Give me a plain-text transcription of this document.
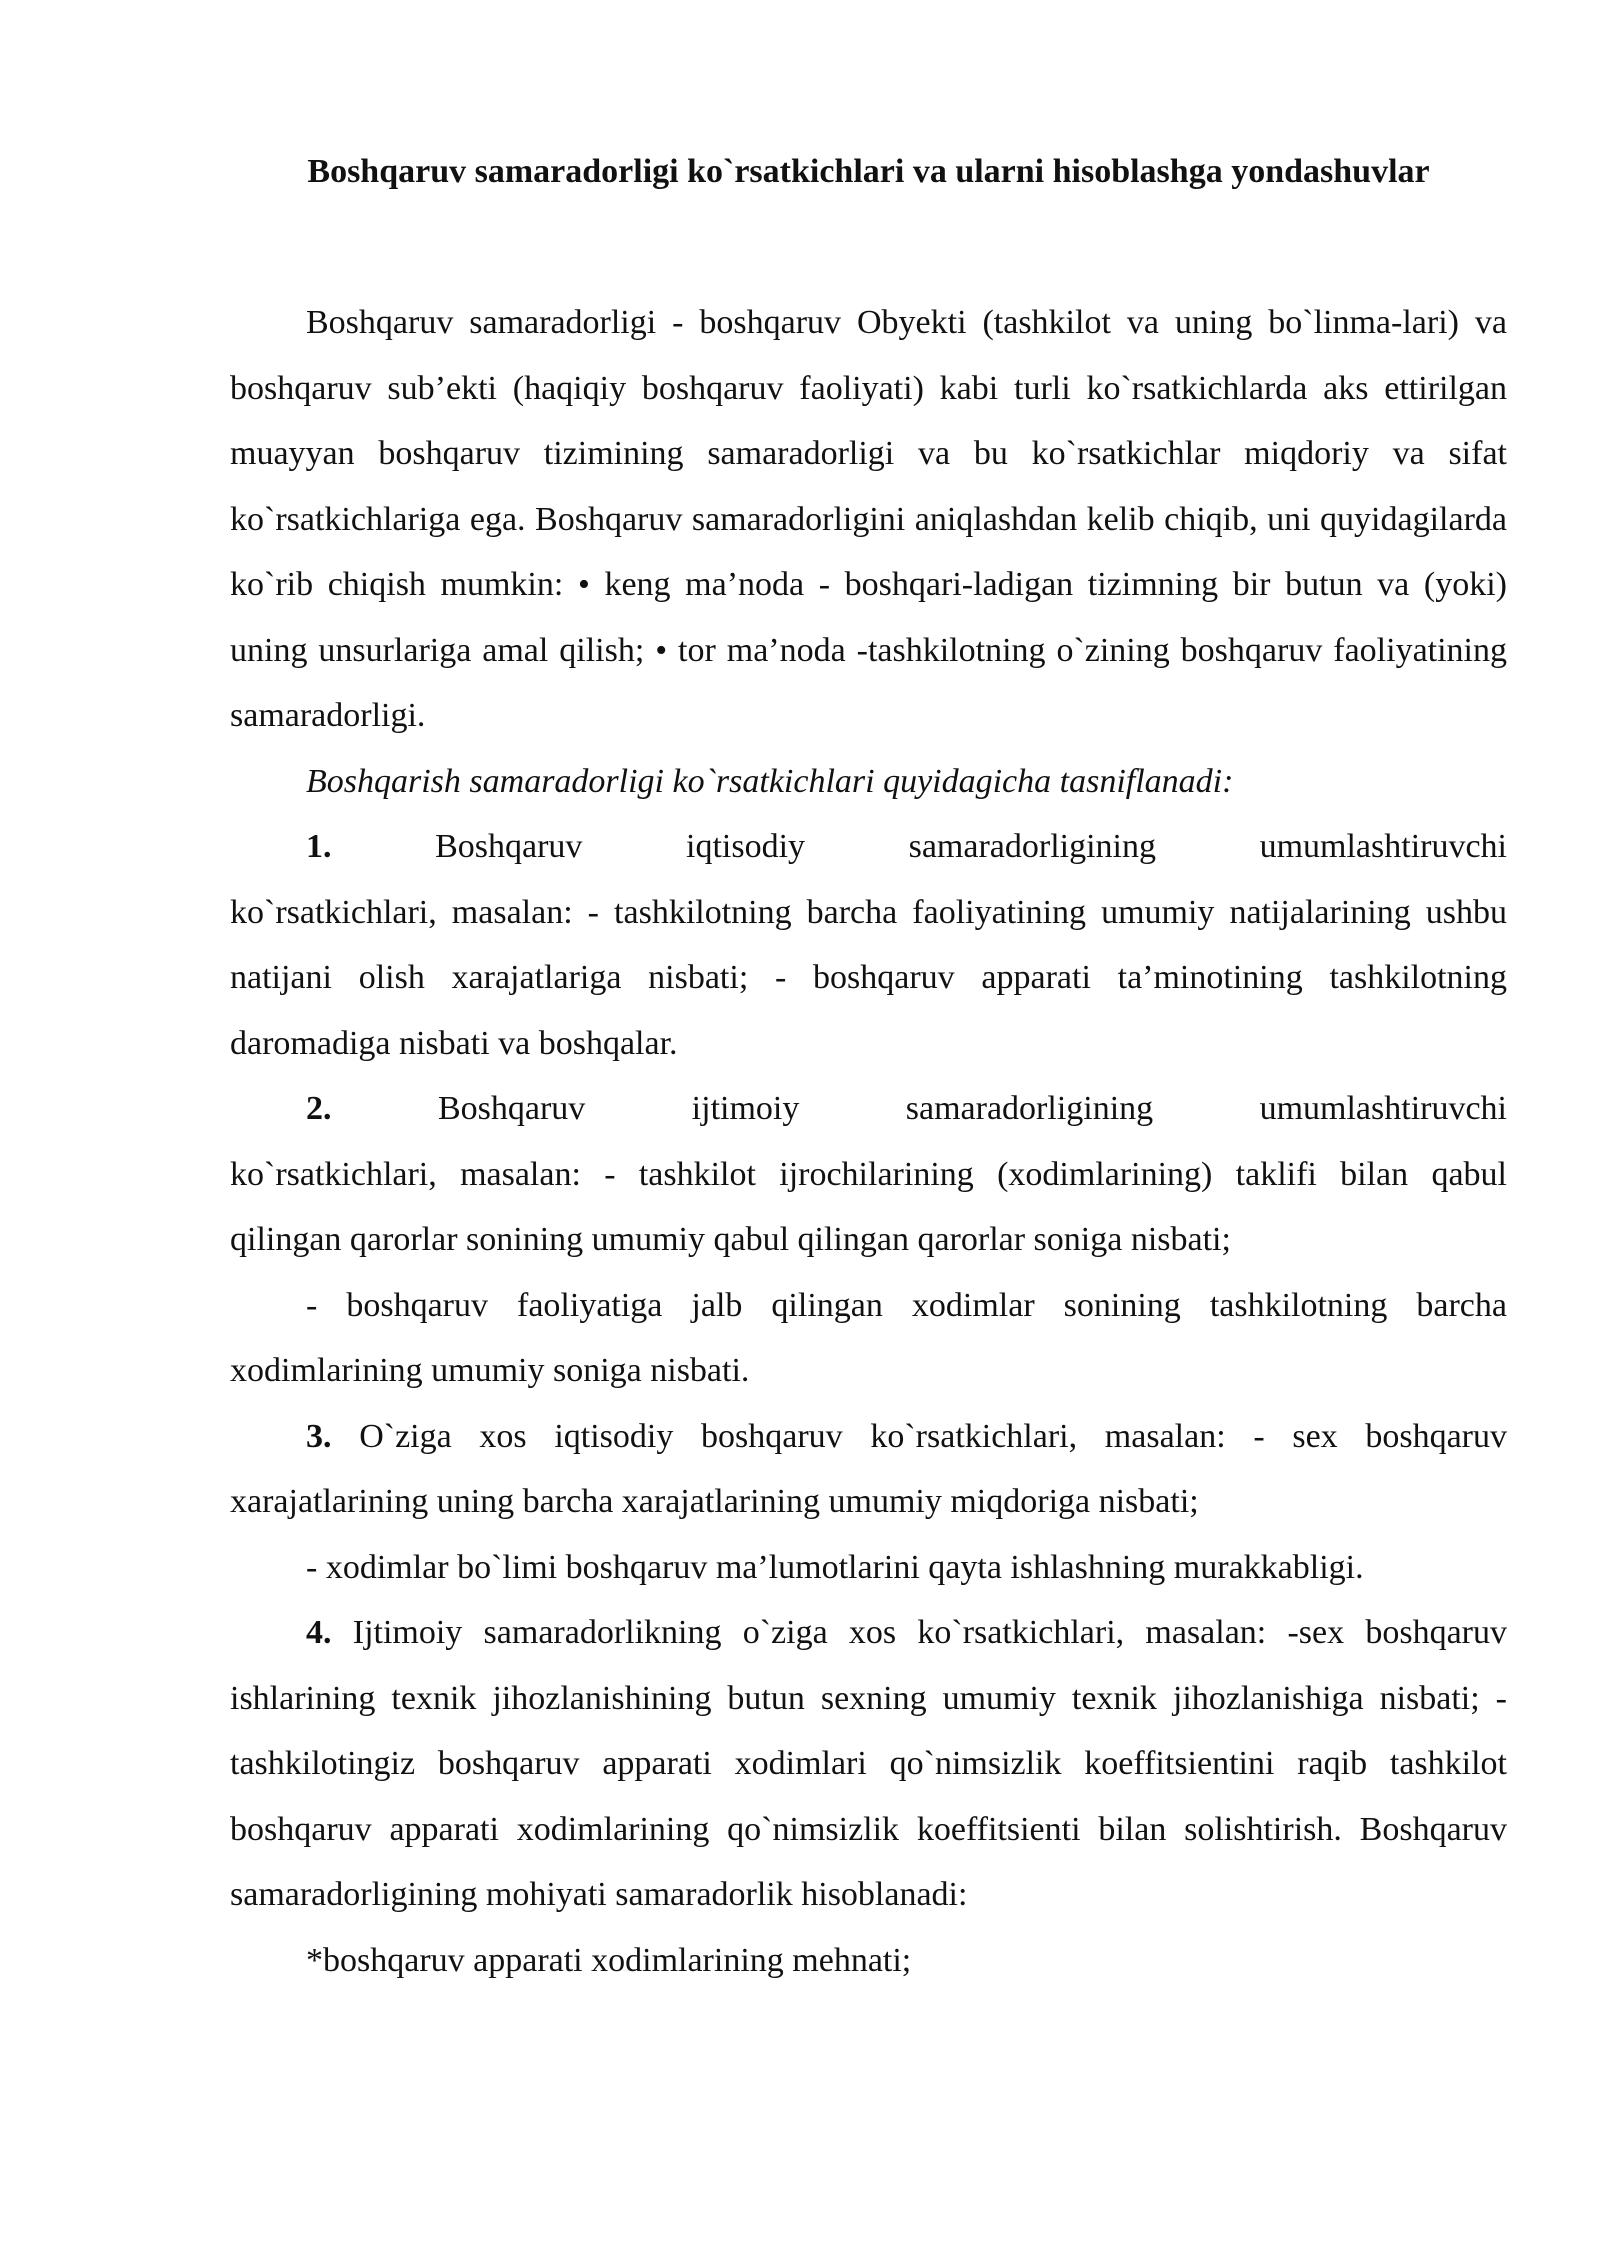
Boshqaruv samaradorligi ko`rsatkichlari va ularni hisoblashga yondashuvlar

Boshqaruv samaradorligi - boshqaruv Obyekti (tashkilot va uning bo`linma-lari) va boshqaruv sub’ekti (haqiqiy boshqaruv faoliyati) kabi turli ko`rsatkichlarda aks ettirilgan muayyan boshqaruv tizimining samaradorligi va bu ko`rsatkichlar miqdoriy va sifat ko`rsatkichlariga ega. Boshqaruv samaradorligini aniqlashdan kelib chiqib, uni quyidagilarda ko`rib chiqish mumkin: • keng ma’noda - boshqari-ladigan tizimning bir butun va (yoki) uning unsurlariga amal qilish; • tor ma’noda -tashkilotning o`zining boshqaruv faoliyatining samaradorligi.

Boshqarish samaradorligi ko`rsatkichlari quyidagicha tasniflanadi:

1.	Boshqaruv iqtisodiy samaradorligining umumlashtiruvchi

ko`rsatkichlari, masalan: - tashkilotning barcha faoliyatining umumiy natijalarining ushbu natijani olish xarajatlariga nisbati; - boshqaruv apparati ta’minotining tashkilotning daromadiga nisbati va boshqalar.

2.	Boshqaruv ijtimoiy samaradorligining umumlashtiruvchi

ko`rsatkichlari, masalan: - tashkilot ijrochilarining (xodimlarining) taklifi bilan qabul qilingan qarorlar sonining umumiy qabul qilingan qarorlar soniga nisbati;

- boshqaruv faoliyatiga jalb qilingan xodimlar sonining tashkilotning barcha xodimlarining umumiy soniga nisbati.

3. O`ziga xos iqtisodiy boshqaruv ko`rsatkichlari, masalan: - sex boshqaruv xarajatlarining uning barcha xarajatlarining umumiy miqdoriga nisbati;

- xodimlar bo`limi boshqaruv ma’lumotlarini qayta ishlashning murakkabligi.

4. Ijtimoiy samaradorlikning o`ziga xos ko`rsatkichlari, masalan: -sex boshqaruv ishlarining texnik jihozlanishining butun sexning umumiy texnik jihozlanishiga nisbati; -tashkilotingiz boshqaruv apparati xodimlari qo`nimsizlik koeffitsientini raqib tashkilot boshqaruv apparati xodimlarining qo`nimsizlik koeffitsienti bilan solishtirish. Boshqaruv samaradorligining mohiyati samaradorlik hisoblanadi:

*boshqaruv apparati xodimlarining mehnati;
